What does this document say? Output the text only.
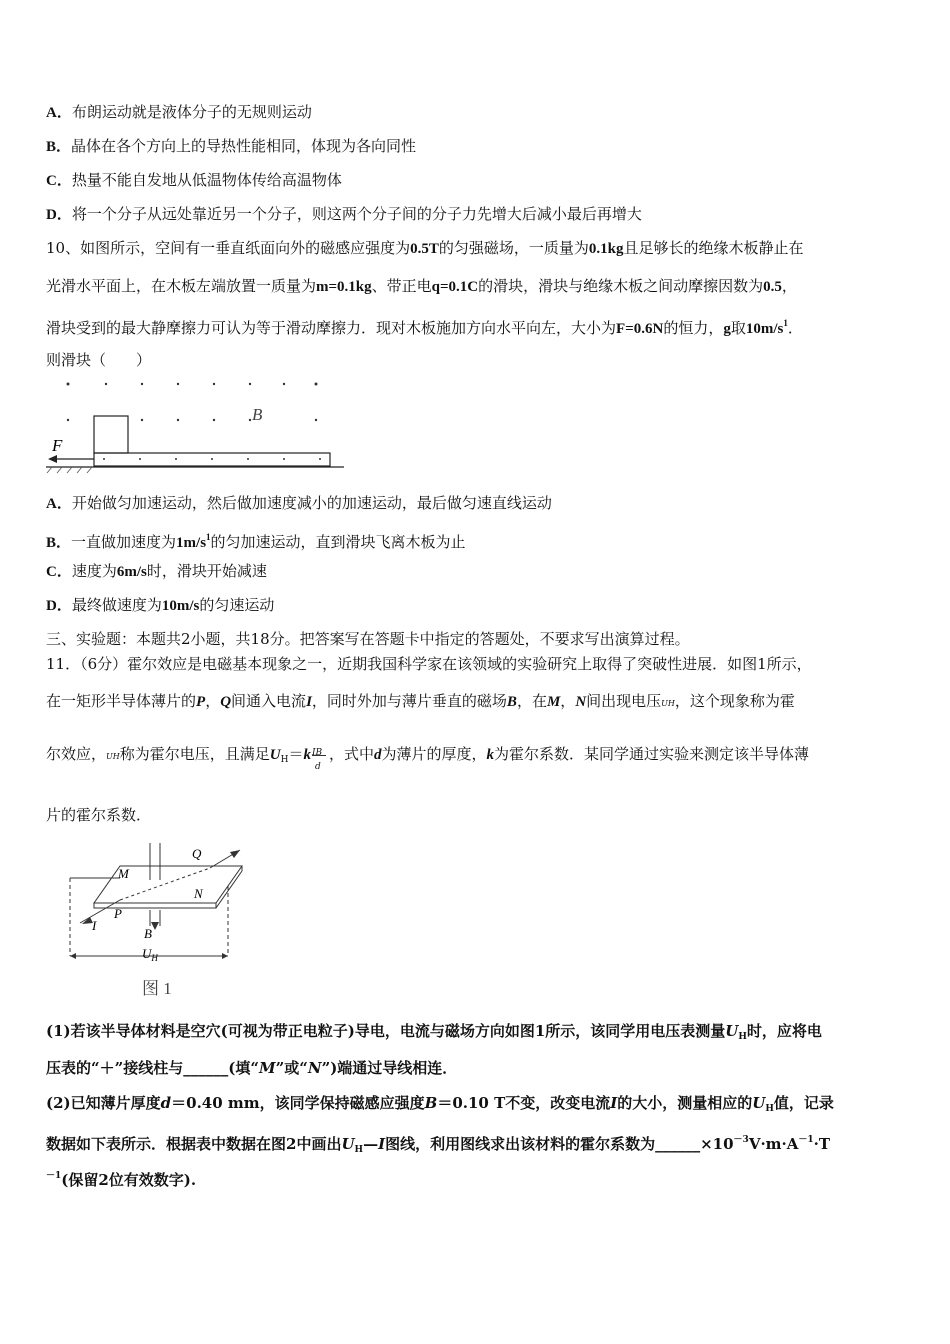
A．布朗运动就是液体分子的无规则运动
B．晶体在各个方向上的导热性能相同，体现为各向同性
C．热量不能自发地从低温物体传给高温物体
D．将一个分子从远处靠近另一个分子，则这两个分子间的分子力先增大后减小最后再增大
10、如图所示，空间有一垂直纸面向外的磁感应强度为0.5T的匀强磁场，一质量为0.1kg且足够长的绝缘木板静止在
光滑水平面上，在木板左端放置一质量为m=0.1kg、带正电q=0.1C的滑块，滑块与绝缘木板之间动摩擦因数为0.5，
滑块受到的最大静摩擦力可认为等于滑动摩擦力．现对木板施加方向水平向左，大小为F=0.6N的恒力，g取$10m/s^1$．
则滑块（　　）
F
B
A．开始做匀加速运动，然后做加速度减小的加速运动，最后做匀速直线运动
B．一直做加速度为$1m/s^1$的匀加速运动，直到滑块飞离木板为止
C．速度为6m/s时，滑块开始减速
D．最终做速度为10m/s的匀速运动
三、实验题：本题共2小题，共18分。把答案写在答题卡中指定的答题处，不要求写出演算过程。
11．（6分）霍尔效应是电磁基本现象之一，近期我国科学家在该领域的实验研究上取得了突破性进展．如图1所示，
在一矩形半导体薄片的P，Q间通入电流I，同时外加与薄片垂直的磁场B，在M，N间出现电压UH，这个现象称为霍
尔效应，UH称为霍尔电压，且满足$U_H=k$ IB
d
，式中d为薄片的厚度，k为霍尔系数．某同学通过实验来测定该半导体薄
片的霍尔系数．
M
Q
N
P
I
B
$U_H$
图 1
(1)若该半导体材料是空穴(可视为带正电粒子)导电，电流与磁场方向如图1所示，该同学用电压表测量$U_H$时，应将电
压表的“＋”接线柱与______(填“M”或“N”)端通过导线相连．
(2)已知薄片厚度d＝0.40 mm，该同学保持磁感应强度B＝0.10 T不变，改变电流I的大小，测量相应的$U_H$值，记录
数据如下表所示．根据表中数据在图2中画出$U_H—I$图线，利用图线求出该材料的霍尔系数为$\_\_\_\_\_\_\times 10^{-3}V\cdot m\cdot A^{-1}\cdot T$
$^{-1}$(保留2位有效数字).
